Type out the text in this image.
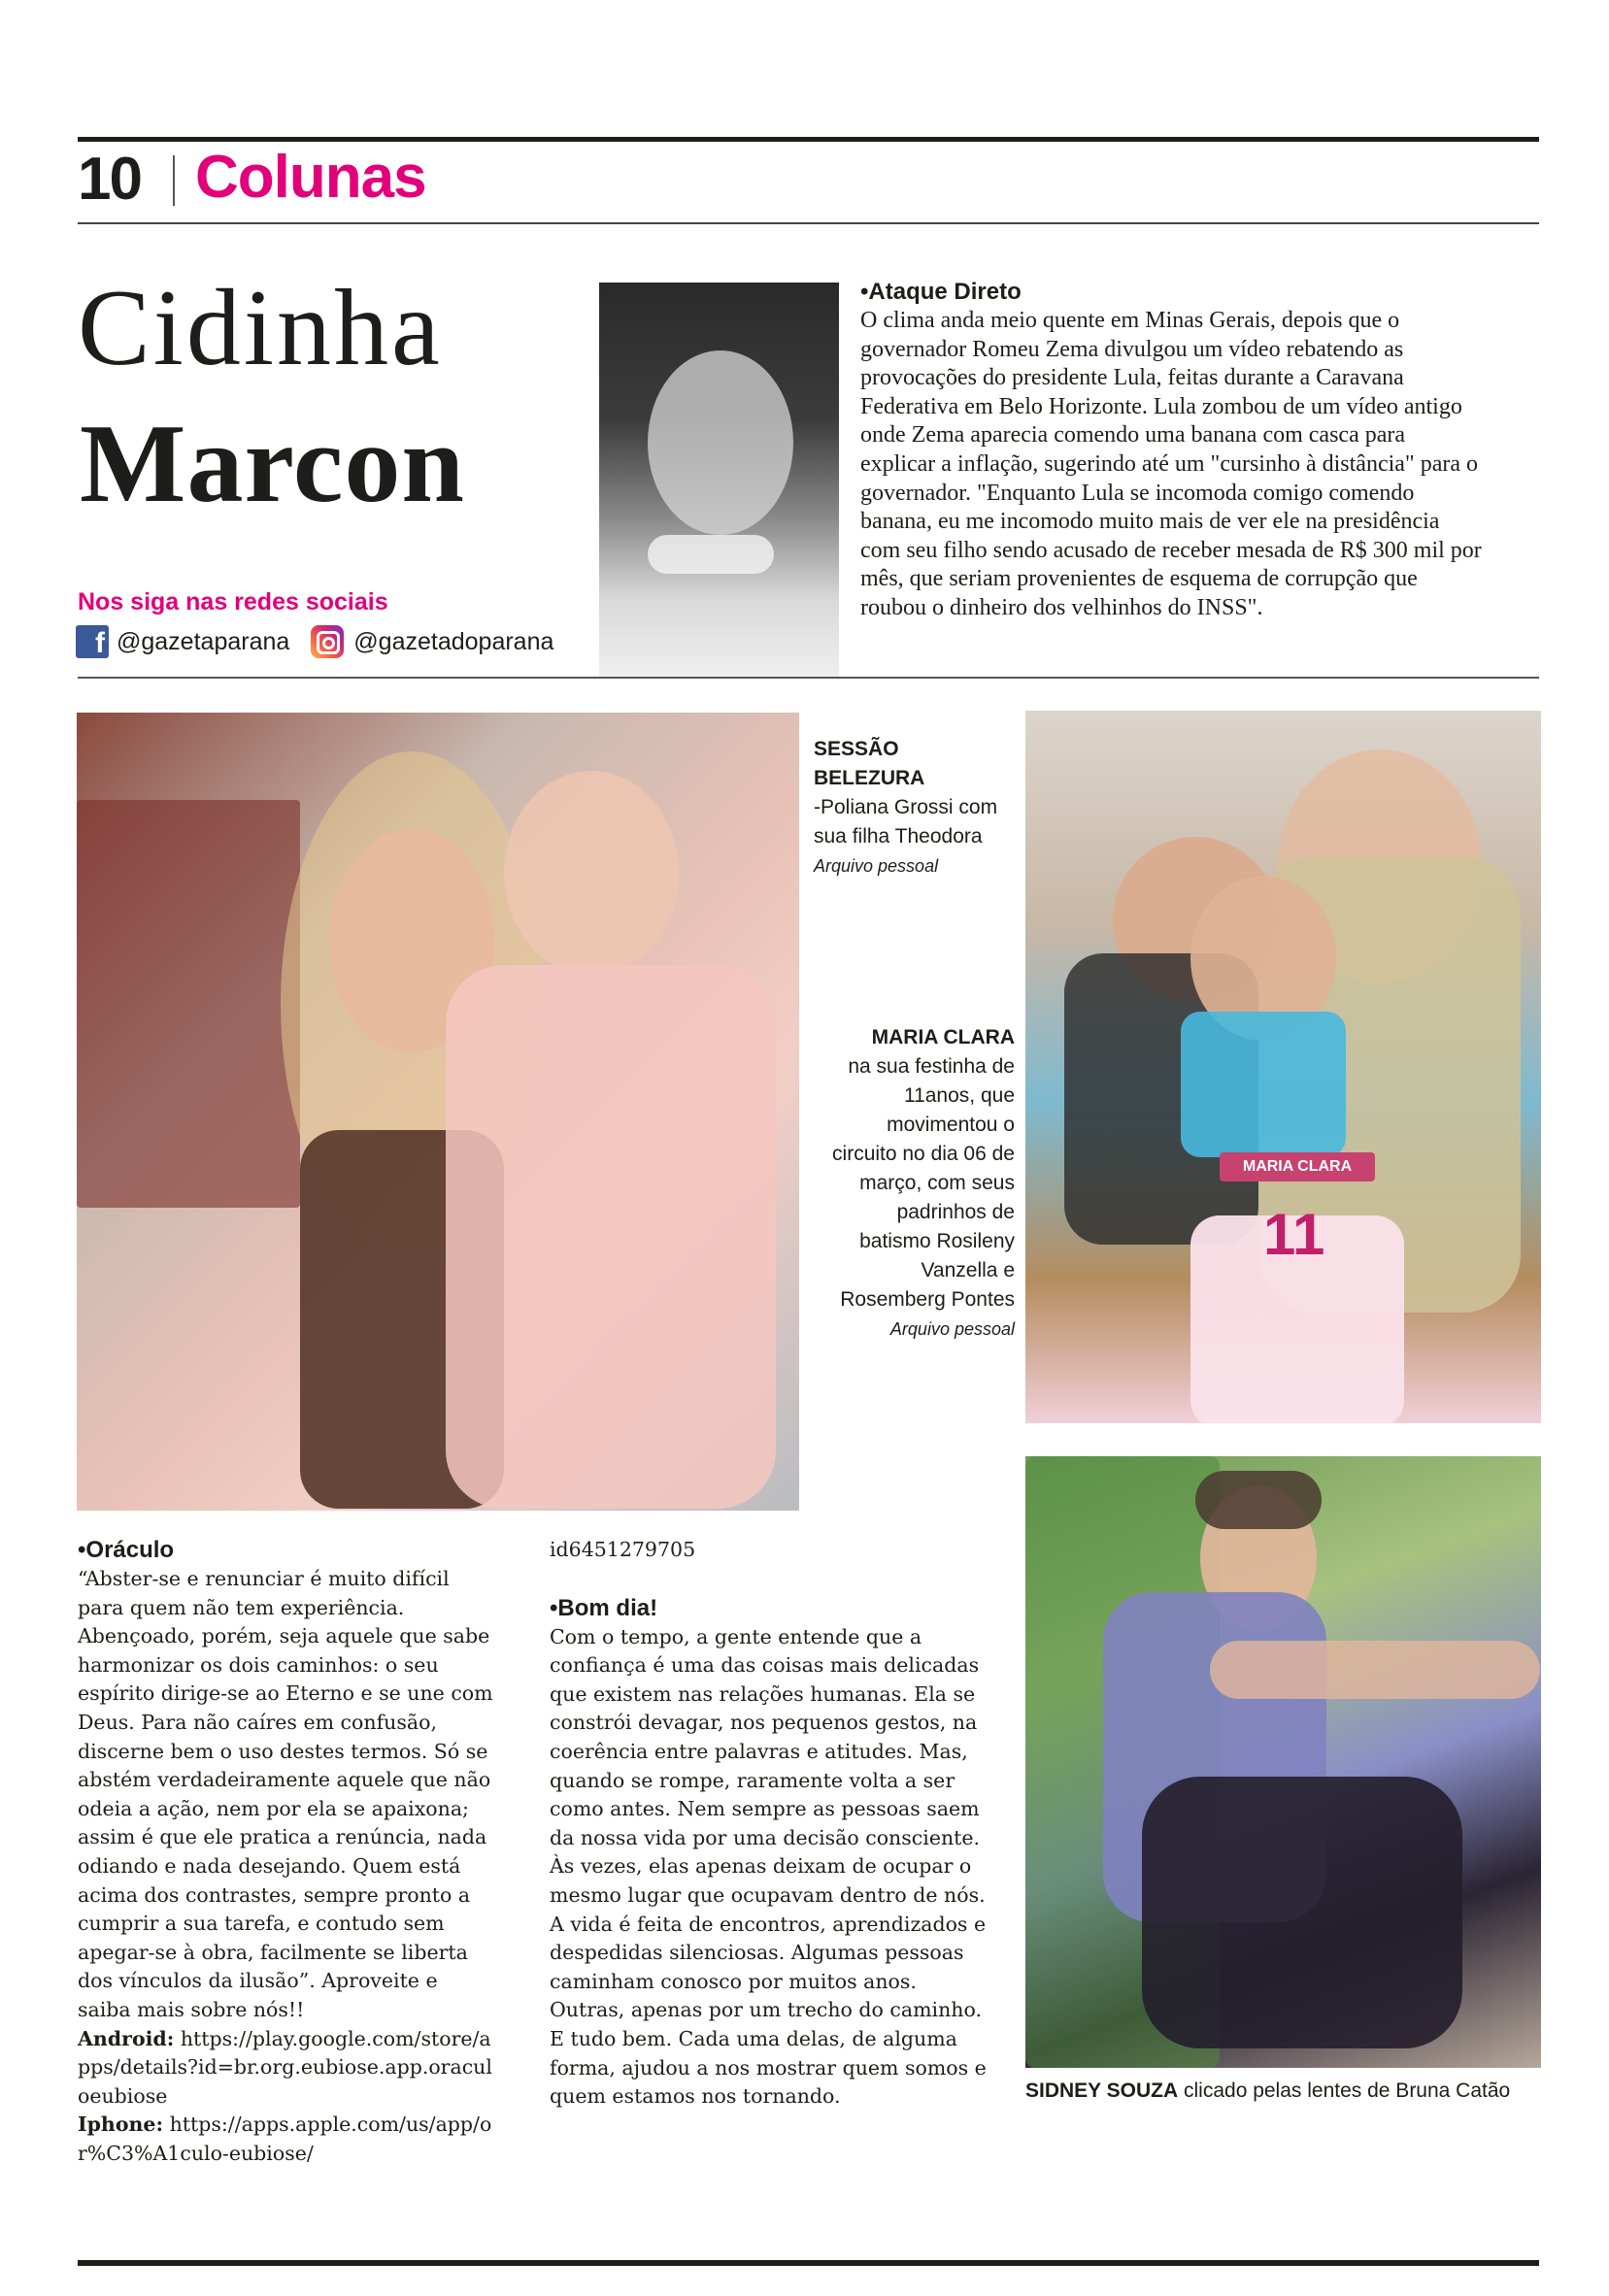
10 Colunas
Cidinha
Marcon
Nos siga nas redes sociais
f @gazetaparana	@gazetadoparana
•Ataque Direto
O clima anda meio quente em Minas Gerais, depois que o governador Romeu Zema divulgou um vídeo rebatendo as provocações do presidente Lula, feitas durante a Caravana Federativa em Belo Horizonte. Lula zombou de um vídeo antigo onde Zema aparecia comendo uma banana com casca para explicar a inflação, sugerindo até um "cursinho à distância" para o governador. "Enquanto Lula se incomoda comigo comendo banana, eu me incomodo muito mais de ver ele na presidência com seu filho sendo acusado de receber mesada de R$ 300 mil por mês, que seriam provenientes de esquema de corrupção que roubou o dinheiro dos velhinhos do INSS".
SESSÃO BELEZURA
-Poliana Grossi com sua filha Theodora
Arquivo pessoal
MARIA CLARA
11
MARIA CLARA
na sua festinha de 11anos, que movimentou o circuito no dia 06 de março, com seus padrinhos de batismo Rosileny Vanzella e Rosemberg Pontes
Arquivo pessoal
•Oráculo
“Abster-se e renunciar é muito difícil para quem não tem experiência. Abençoado, porém, seja aquele que sabe harmonizar os dois caminhos: o seu espírito dirige-se ao Eterno e se une com Deus. Para não caíres em confusão, discerne bem o uso destes termos. Só se abstém verdadeiramente aquele que não odeia a ação, nem por ela se apaixona; assim é que ele pratica a renúncia, nada odiando e nada desejando. Quem está acima dos contrastes, sempre pronto a cumprir a sua tarefa, e contudo sem apegar-se à obra, facilmente se liberta dos vínculos da ilusão”. Aproveite e saiba mais sobre nós!!
Android: https://play.google.com/store/apps/details?id=br.org.eubiose.app.oraculoeubiose
Iphone: https://apps.apple.com/us/app/or%C3%A1culo-eubiose/
id6451279705
•Bom dia!
Com o tempo, a gente entende que a confiança é uma das coisas mais delicadas que existem nas relações humanas. Ela se constrói devagar, nos pequenos gestos, na coerência entre palavras e atitudes. Mas, quando se rompe, raramente volta a ser como antes. Nem sempre as pessoas saem da nossa vida por uma decisão consciente. Às vezes, elas apenas deixam de ocupar o mesmo lugar que ocupavam dentro de nós. A vida é feita de encontros, aprendizados e despedidas silenciosas. Algumas pessoas caminham conosco por muitos anos. Outras, apenas por um trecho do caminho. E tudo bem. Cada uma delas, de alguma forma, ajudou a nos mostrar quem somos e quem estamos nos tornando.	SIDNEY SOUZA clicado pelas lentes de Bruna Catão
